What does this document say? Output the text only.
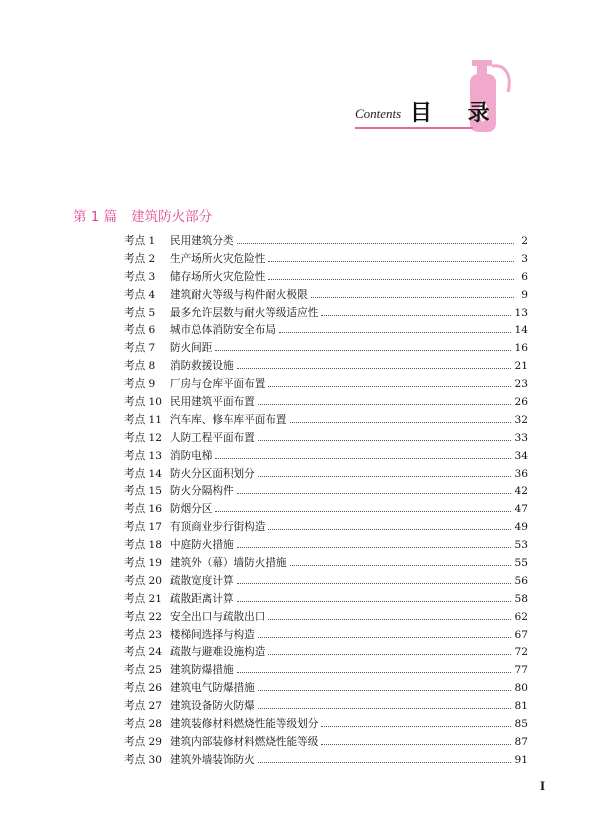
Contents 目 录
第 1 篇 建筑防火部分
考点 1	民用建筑分类	2
考点 2	生产场所火灾危险性	3
考点 3	储存场所火灾危险性	6
考点 4	建筑耐火等级与构件耐火极限	9
考点 5	最多允许层数与耐火等级适应性	13
考点 6	城市总体消防安全布局	14
考点 7	防火间距	16
考点 8	消防救援设施	21
考点 9	厂房与仓库平面布置	23
考点 10 民用建筑平面布置	26
考点 11 汽车库、修车库平面布置	32
考点 12 人防工程平面布置	33
考点 13 消防电梯	34
考点 14 防火分区面积划分	36
考点 15 防火分隔构件	42
考点 16 防烟分区	47
考点 17 有顶商业步行街构造	49
考点 18 中庭防火措施	53
考点 19 建筑外（幕）墙防火措施	55
考点 20 疏散宽度计算	56
考点 21 疏散距离计算	58
考点 22 安全出口与疏散出口	62
考点 23 楼梯间选择与构造	67
考点 24 疏散与避难设施构造	72
考点 25 建筑防爆措施	77
考点 26 建筑电气防爆措施	80
考点 27 建筑设备防火防爆	81
考点 28 建筑装修材料燃烧性能等级划分	85
考点 29 建筑内部装修材料燃烧性能等级	87
考点 30 建筑外墙装饰防火	91
I
